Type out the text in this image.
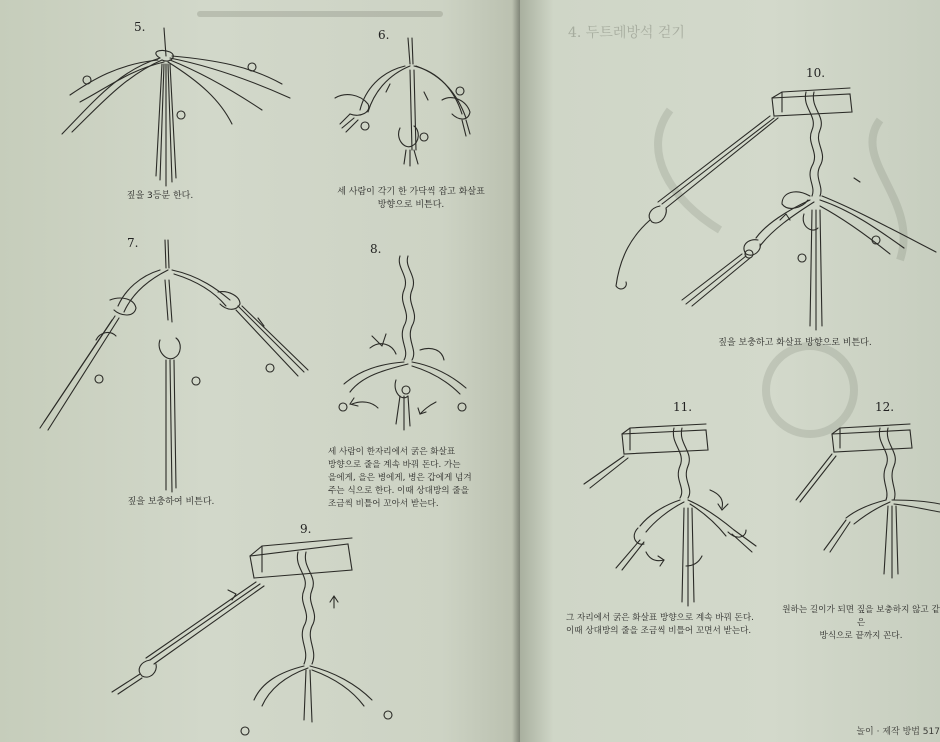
5.
짚을 3등분 한다.
6.
세 사람이 각기 한 가닥씩 잡고 화살표
방향으로 비튼다.
7.
짚을 보충하여 비튼다.
8.
세 사람이 한자리에서 굵은 화살표
방향으로 줄을 계속 바꿔 돈다. 가는
을에게, 을은 병에게, 병은 갑에게 넘겨
주는 식으로 한다. 이때 상대방의 줄을
조금씩 비틀어 꼬아서 받는다.
9.
4. 두트레방석 걷기
10.
짚을 보충하고 화살표 방향으로 비튼다.
11.
그 자리에서 굵은 화살표 방향으로 계속 바꿔 돈다.
이때 상대방의 줄을 조금씩 비틀어 꼬면서 받는다.
12.
원하는 길이가 되면 짚을 보충하지 않고 같은
방식으로 끝까지 꼰다.
놀이 · 제작 방법 517
